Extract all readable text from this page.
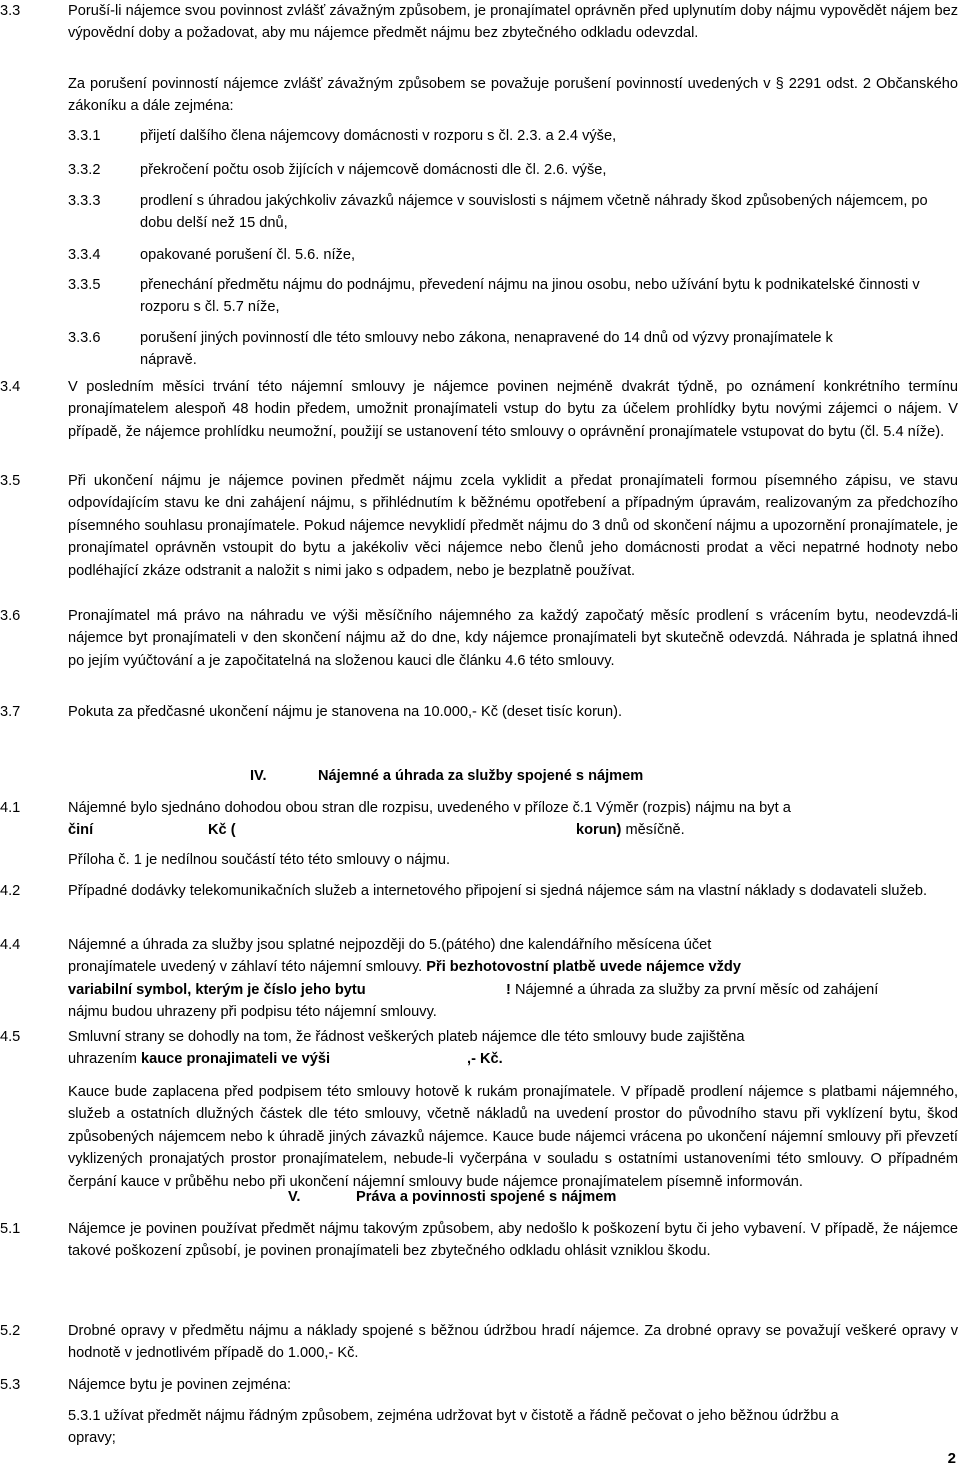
3.3	Poruší-li nájemce svou povinnost zvlášť závažným způsobem, je pronajímatel oprávněn před uplynutím doby nájmu vypovědět nájem bez výpovědní doby a požadovat, aby mu nájemce předmět nájmu bez zbytečného odkladu odevzdal.
Za porušení povinností nájemce zvlášť závažným způsobem se považuje porušení povinností uvedených v § 2291 odst. 2 Občanského zákoníku a dále zejména:
3.3.1	přijetí dalšího člena nájemcovy domácnosti v rozporu s čl. 2.3. a 2.4 výše,
3.3.2	překročení počtu osob žijících v nájemcově domácnosti dle čl. 2.6. výše,
3.3.3	prodlení s úhradou jakýchkoliv závazků nájemce v souvislosti s nájmem včetně náhrady škod způsobených nájemcem, po dobu delší než 15 dnů,
3.3.4	opakované porušení čl. 5.6. níže,
3.3.5	přenechání předmětu nájmu do podnájmu, převedení nájmu na jinou osobu, nebo užívání bytu k podnikatelské činnosti v rozporu s čl. 5.7 níže,
3.3.6	porušení jiných povinností dle této smlouvy nebo zákona, nenapravené do 14 dnů od výzvy pronajímatele k nápravě.
3.4	V posledním měsíci trvání této nájemní smlouvy je nájemce povinen nejméně dvakrát týdně, po oznámení konkrétního termínu pronajímatelem alespoň 48 hodin předem, umožnit pronajímateli vstup do bytu za účelem prohlídky bytu novými zájemci o nájem. V případě, že nájemce prohlídku neumožní, použijí se ustanovení této smlouvy o oprávnění pronajímatele vstupovat do bytu (čl. 5.4 níže).
3.5	Při ukončení nájmu je nájemce povinen předmět nájmu zcela vyklidit a předat pronajímateli formou písemného zápisu, ve stavu odpovídajícím stavu ke dni zahájení nájmu, s přihlédnutím k běžnému opotřebení a případným úpravám, realizovaným za předchozího písemného souhlasu pronajímatele. Pokud nájemce nevyklidí předmět nájmu do 3 dnů od skončení nájmu a upozornění pronajímatele, je pronajímatel oprávněn vstoupit do bytu a jakékoliv věci nájemce nebo členů jeho domácnosti prodat a věci nepatrné hodnoty nebo podléhající zkáze odstranit a naložit s nimi jako s odpadem, nebo je bezplatně používat.
3.6	Pronajímatel má právo na náhradu ve výši měsíčního nájemného za každý započatý měsíc prodlení s vrácením bytu, neodevzdá-li nájemce byt pronajímateli v den skončení nájmu až do dne, kdy nájemce pronajímateli byt skutečně odevzdá. Náhrada je splatná ihned po jejím vyúčtování a je započitatelná na složenou kauci dle článku 4.6 této smlouvy.
3.7	Pokuta za předčasné ukončení nájmu je stanovena na 10.000,- Kč (deset tisíc korun).
IV.	Nájemné a úhrada za služby spojené s nájmem
4.1	Nájemné bylo sjednáno dohodou obou stran dle rozpisu, uvedeného v příloze č.1 Výměr (rozpis) nájmu na byt a
činí	Kč (	korun) měsíčně.
Příloha č. 1 je nedílnou součástí této této smlouvy o nájmu.
4.2	Případné dodávky telekomunikačních služeb a internetového připojení si sjedná nájemce sám na vlastní náklady s dodavateli služeb.
4.4	Nájemné a úhrada za služby jsou splatné nejpozději do 5.(pátého) dne kalendářního měsícena účet
pronajímatele uvedený v záhlaví této nájemní smlouvy. Při bezhotovostní platbě uvede nájemce vždy
variabilní symbol, kterým je číslo jeho bytu	! Nájemné a úhrada za služby za první měsíc od zahájení
nájmu budou uhrazeny při podpisu této nájemní smlouvy.
4.5	Smluvní strany se dohodly na tom, že řádnost veškerých plateb nájemce dle této smlouvy bude zajištěna
uhrazením kauce pronajimateli ve výši	,- Kč.
Kauce bude zaplacena před podpisem této smlouvy hotově k rukám pronajímatele. V případě prodlení nájemce s platbami nájemného, služeb a ostatních dlužných částek dle této smlouvy, včetně nákladů na uvedení prostor do původního stavu při vyklízení bytu, škod způsobených nájemcem nebo k úhradě jiných závazků nájemce. Kauce bude nájemci vrácena po ukončení nájemní smlouvy při převzetí vyklizených pronajatých prostor pronajímatelem, nebude-li vyčerpána v souladu s ostatními ustanoveními této smlouvy. O případném čerpání kauce v průběhu nebo při ukončení nájemní smlouvy bude nájemce pronajímatelem písemně informován.
V.	Práva a povinnosti spojené s nájmem
5.1	Nájemce je povinen používat předmět nájmu takovým způsobem, aby nedošlo k poškození bytu či jeho vybavení. V případě, že nájemce takové poškození způsobí, je povinen pronajímateli bez zbytečného odkladu ohlásit vzniklou škodu.
5.2	Drobné opravy v předmětu nájmu a náklady spojené s běžnou údržbou hradí nájemce. Za drobné opravy se považují veškeré opravy v hodnotě v jednotlivém případě do 1.000,- Kč.
5.3	Nájemce bytu je povinen zejména:
5.3.1 užívat předmět nájmu řádným způsobem, zejména udržovat byt v čistotě a řádně pečovat o jeho běžnou údržbu a opravy;
2
